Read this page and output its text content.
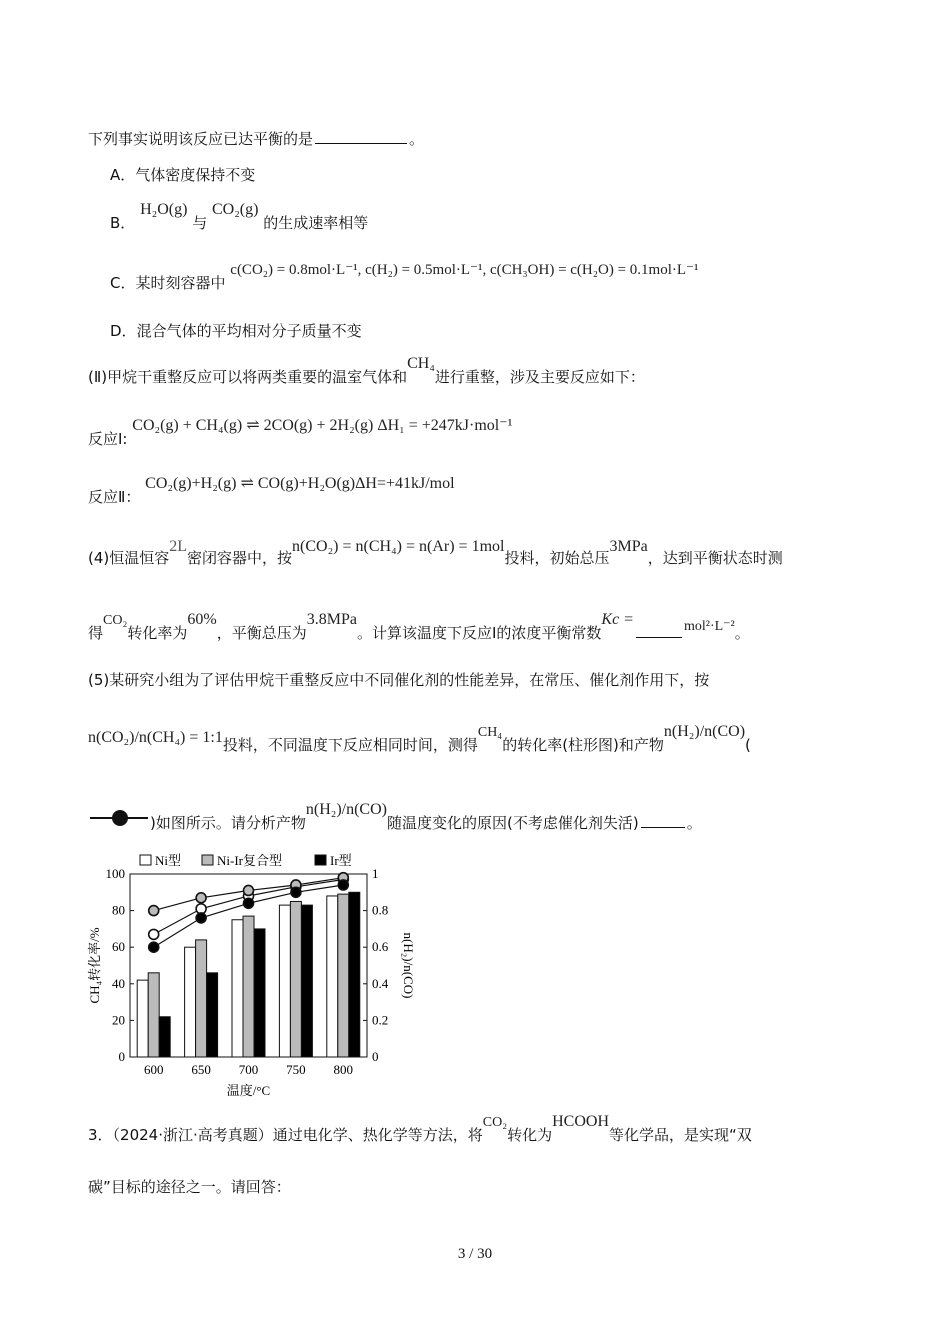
下列事实说明该反应已达平衡的是	。
A．气体密度保持不变
B． H₂O(g) 与 CO₂(g) 的生成速率相等
C．某时刻容器中 c(CO₂) = 0.8mol·L⁻¹, c(H₂) = 0.5mol·L⁻¹, c(CH₃OH) = c(H₂O) = 0.1mol·L⁻¹
D．混合气体的平均相对分子质量不变
(Ⅱ)甲烷干重整反应可以将两类重要的温室气体和CH₄进行重整，涉及主要反应如下：
反应Ⅰ: CO₂(g) + CH₄(g) ⇌ 2CO(g) + 2H₂(g) ΔH₁ = +247kJ·mol⁻¹
反应Ⅱ： CO₂(g)+H₂(g) ⇌ CO(g)+H₂O(g)ΔH=+41kJ/mol
(4)恒温恒容2L密闭容器中，按n(CO₂) = n(CH₄) = n(Ar) = 1mol投料，初始总压3MPa，达到平衡状态时测
得CO₂转化率为60%，平衡总压为3.8MPa。计算该温度下反应Ⅰ的浓度平衡常数Kc =	mol²·L⁻²。
(5)某研究小组为了评估甲烷干重整反应中不同催化剂的性能差异，在常压、催化剂作用下，按
n(CO₂)/n(CH₄) = 1:1投料，不同温度下反应相同时间，测得CH₄的转化率(柱形图)和产物n(H₂)/n(CO)(
)如图所示。请分析产物n(H₂)/n(CO)随温度变化的原因(不考虑催化剂失活)	。
0
20
40
60
80
100
0
0.2
0.4
0.6
0.8
1
600 650 700 750 800
Ni型	Ni-Ir复合型	Ir型
温度/°C
CH₄转化率/%	n(H₂)/n(CO)
3．（2024·浙江·高考真题）通过电化学、热化学等方法，将CO₂转化为HCOOH等化学品，是实现“双
碳”目标的途径之一。请回答：
3 / 30
